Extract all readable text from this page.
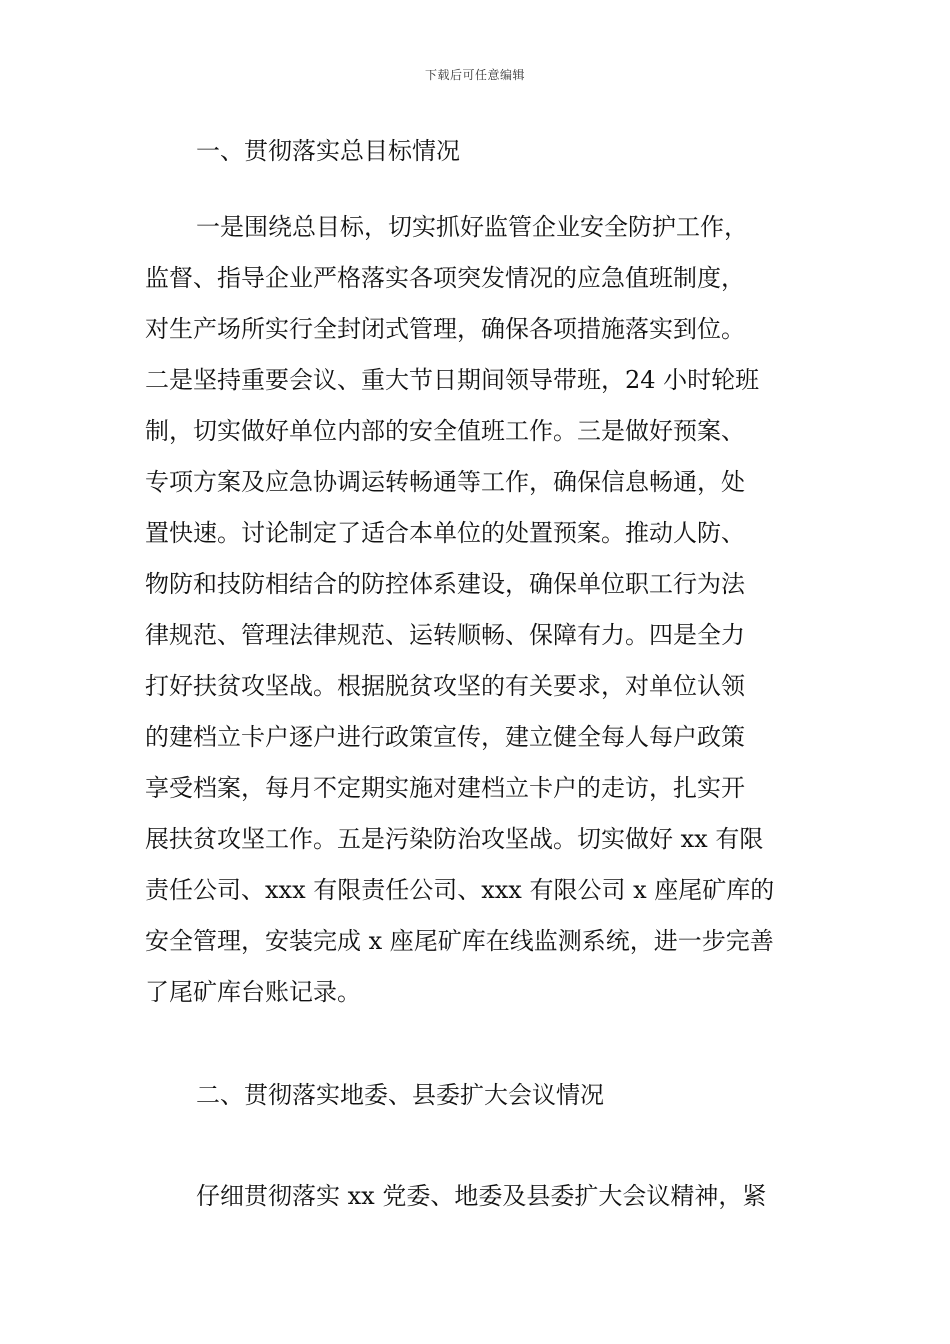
下载后可任意编辑
一、贯彻落实总目标情况
一是围绕总目标，切实抓好监管企业安全防护工作，
监督、指导企业严格落实各项突发情况的应急值班制度，
对生产场所实行全封闭式管理，确保各项措施落实到位。
二是坚持重要会议、重大节日期间领导带班，24 小时轮班
制，切实做好单位内部的安全值班工作。三是做好预案、
专项方案及应急协调运转畅通等工作，确保信息畅通，处
置快速。讨论制定了适合本单位的处置预案。推动人防、
物防和技防相结合的防控体系建设，确保单位职工行为法
律规范、管理法律规范、运转顺畅、保障有力。四是全力
打好扶贫攻坚战。根据脱贫攻坚的有关要求，对单位认领
的建档立卡户逐户进行政策宣传，建立健全每人每户政策
享受档案，每月不定期实施对建档立卡户的走访，扎实开
展扶贫攻坚工作。五是污染防治攻坚战。切实做好 xx 有限
责任公司、xxx 有限责任公司、xxx 有限公司 x 座尾矿库的
安全管理，安装完成 x 座尾矿库在线监测系统，进一步完善
了尾矿库台账记录。
二、贯彻落实地委、县委扩大会议情况
仔细贯彻落实 xx 党委、地委及县委扩大会议精神，紧
